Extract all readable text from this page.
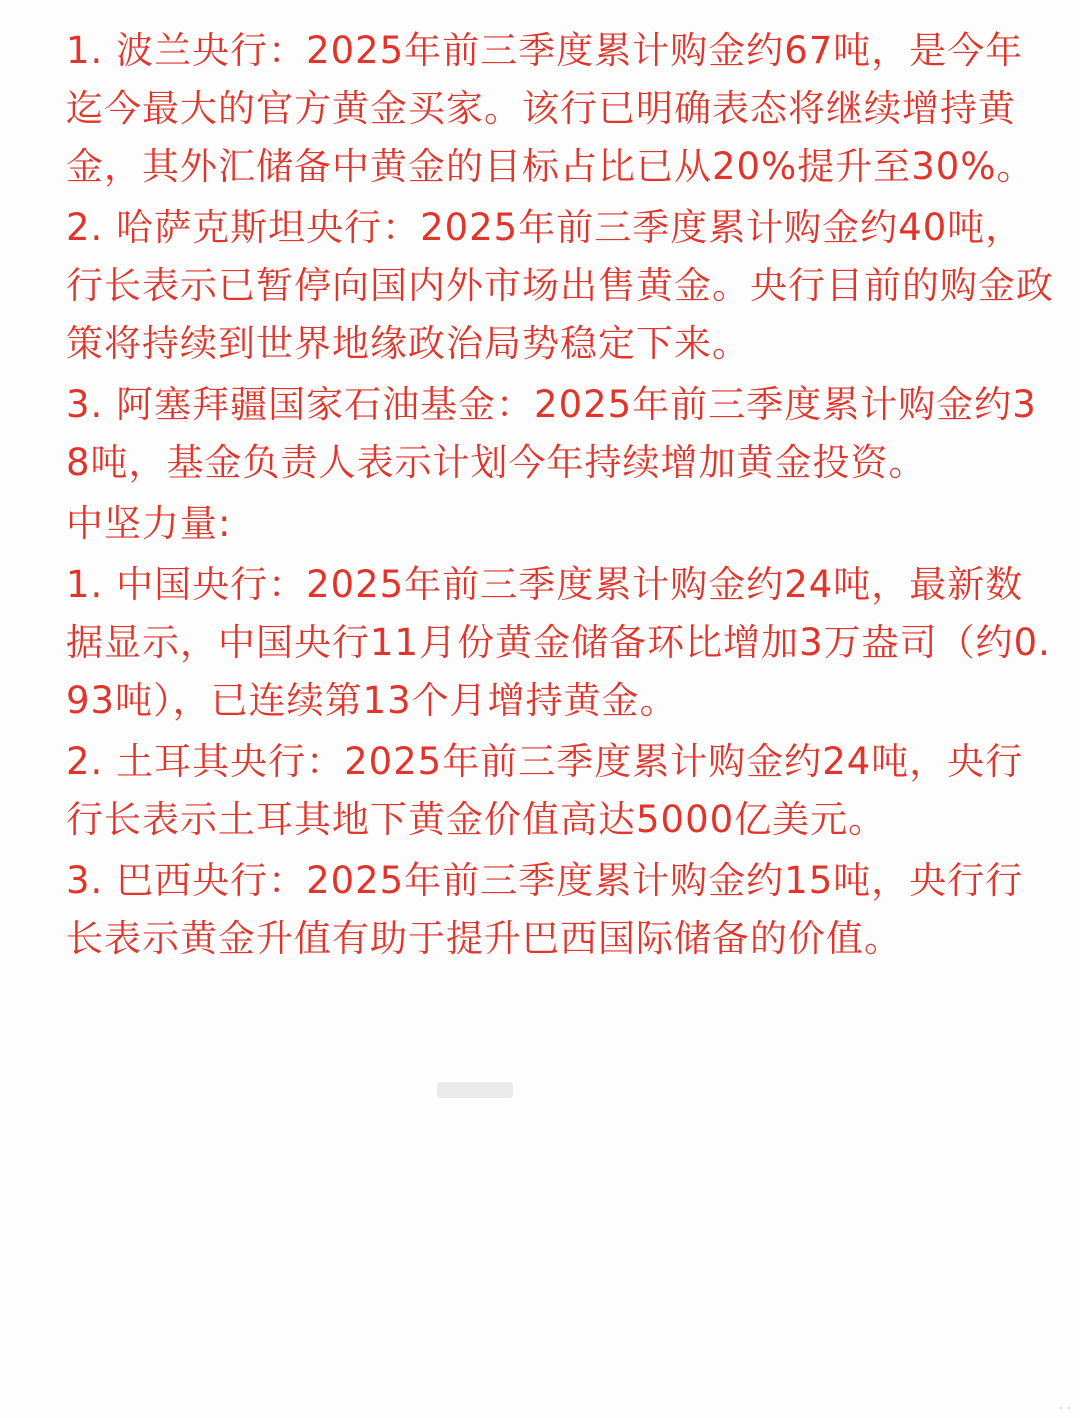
1. 波兰央行：2025年前三季度累计购金约67吨，是今年迄今最大的官方黄金买家。该行已明确表态将继续增持黄金，其外汇储备中黄金的目标占比已从20%提升至30%。

2. 哈萨克斯坦央行：2025年前三季度累计购金约40吨，行长表示已暂停向国内外市场出售黄金。央行目前的购金政策将持续到世界地缘政治局势稳定下来。

3. 阿塞拜疆国家石油基金：2025年前三季度累计购金约38吨，基金负责人表示计划今年持续增加黄金投资。

中坚力量:

1. 中国央行：2025年前三季度累计购金约24吨，最新数据显示，中国央行11月份黄金储备环比增加3万盎司（约0.93吨），已连续第13个月增持黄金。

2. 土耳其央行：2025年前三季度累计购金约24吨，央行行长表示土耳其地下黄金价值高达5000亿美元。

3. 巴西央行：2025年前三季度累计购金约15吨，央行行长表示黄金升值有助于提升巴西国际储备的价值。
